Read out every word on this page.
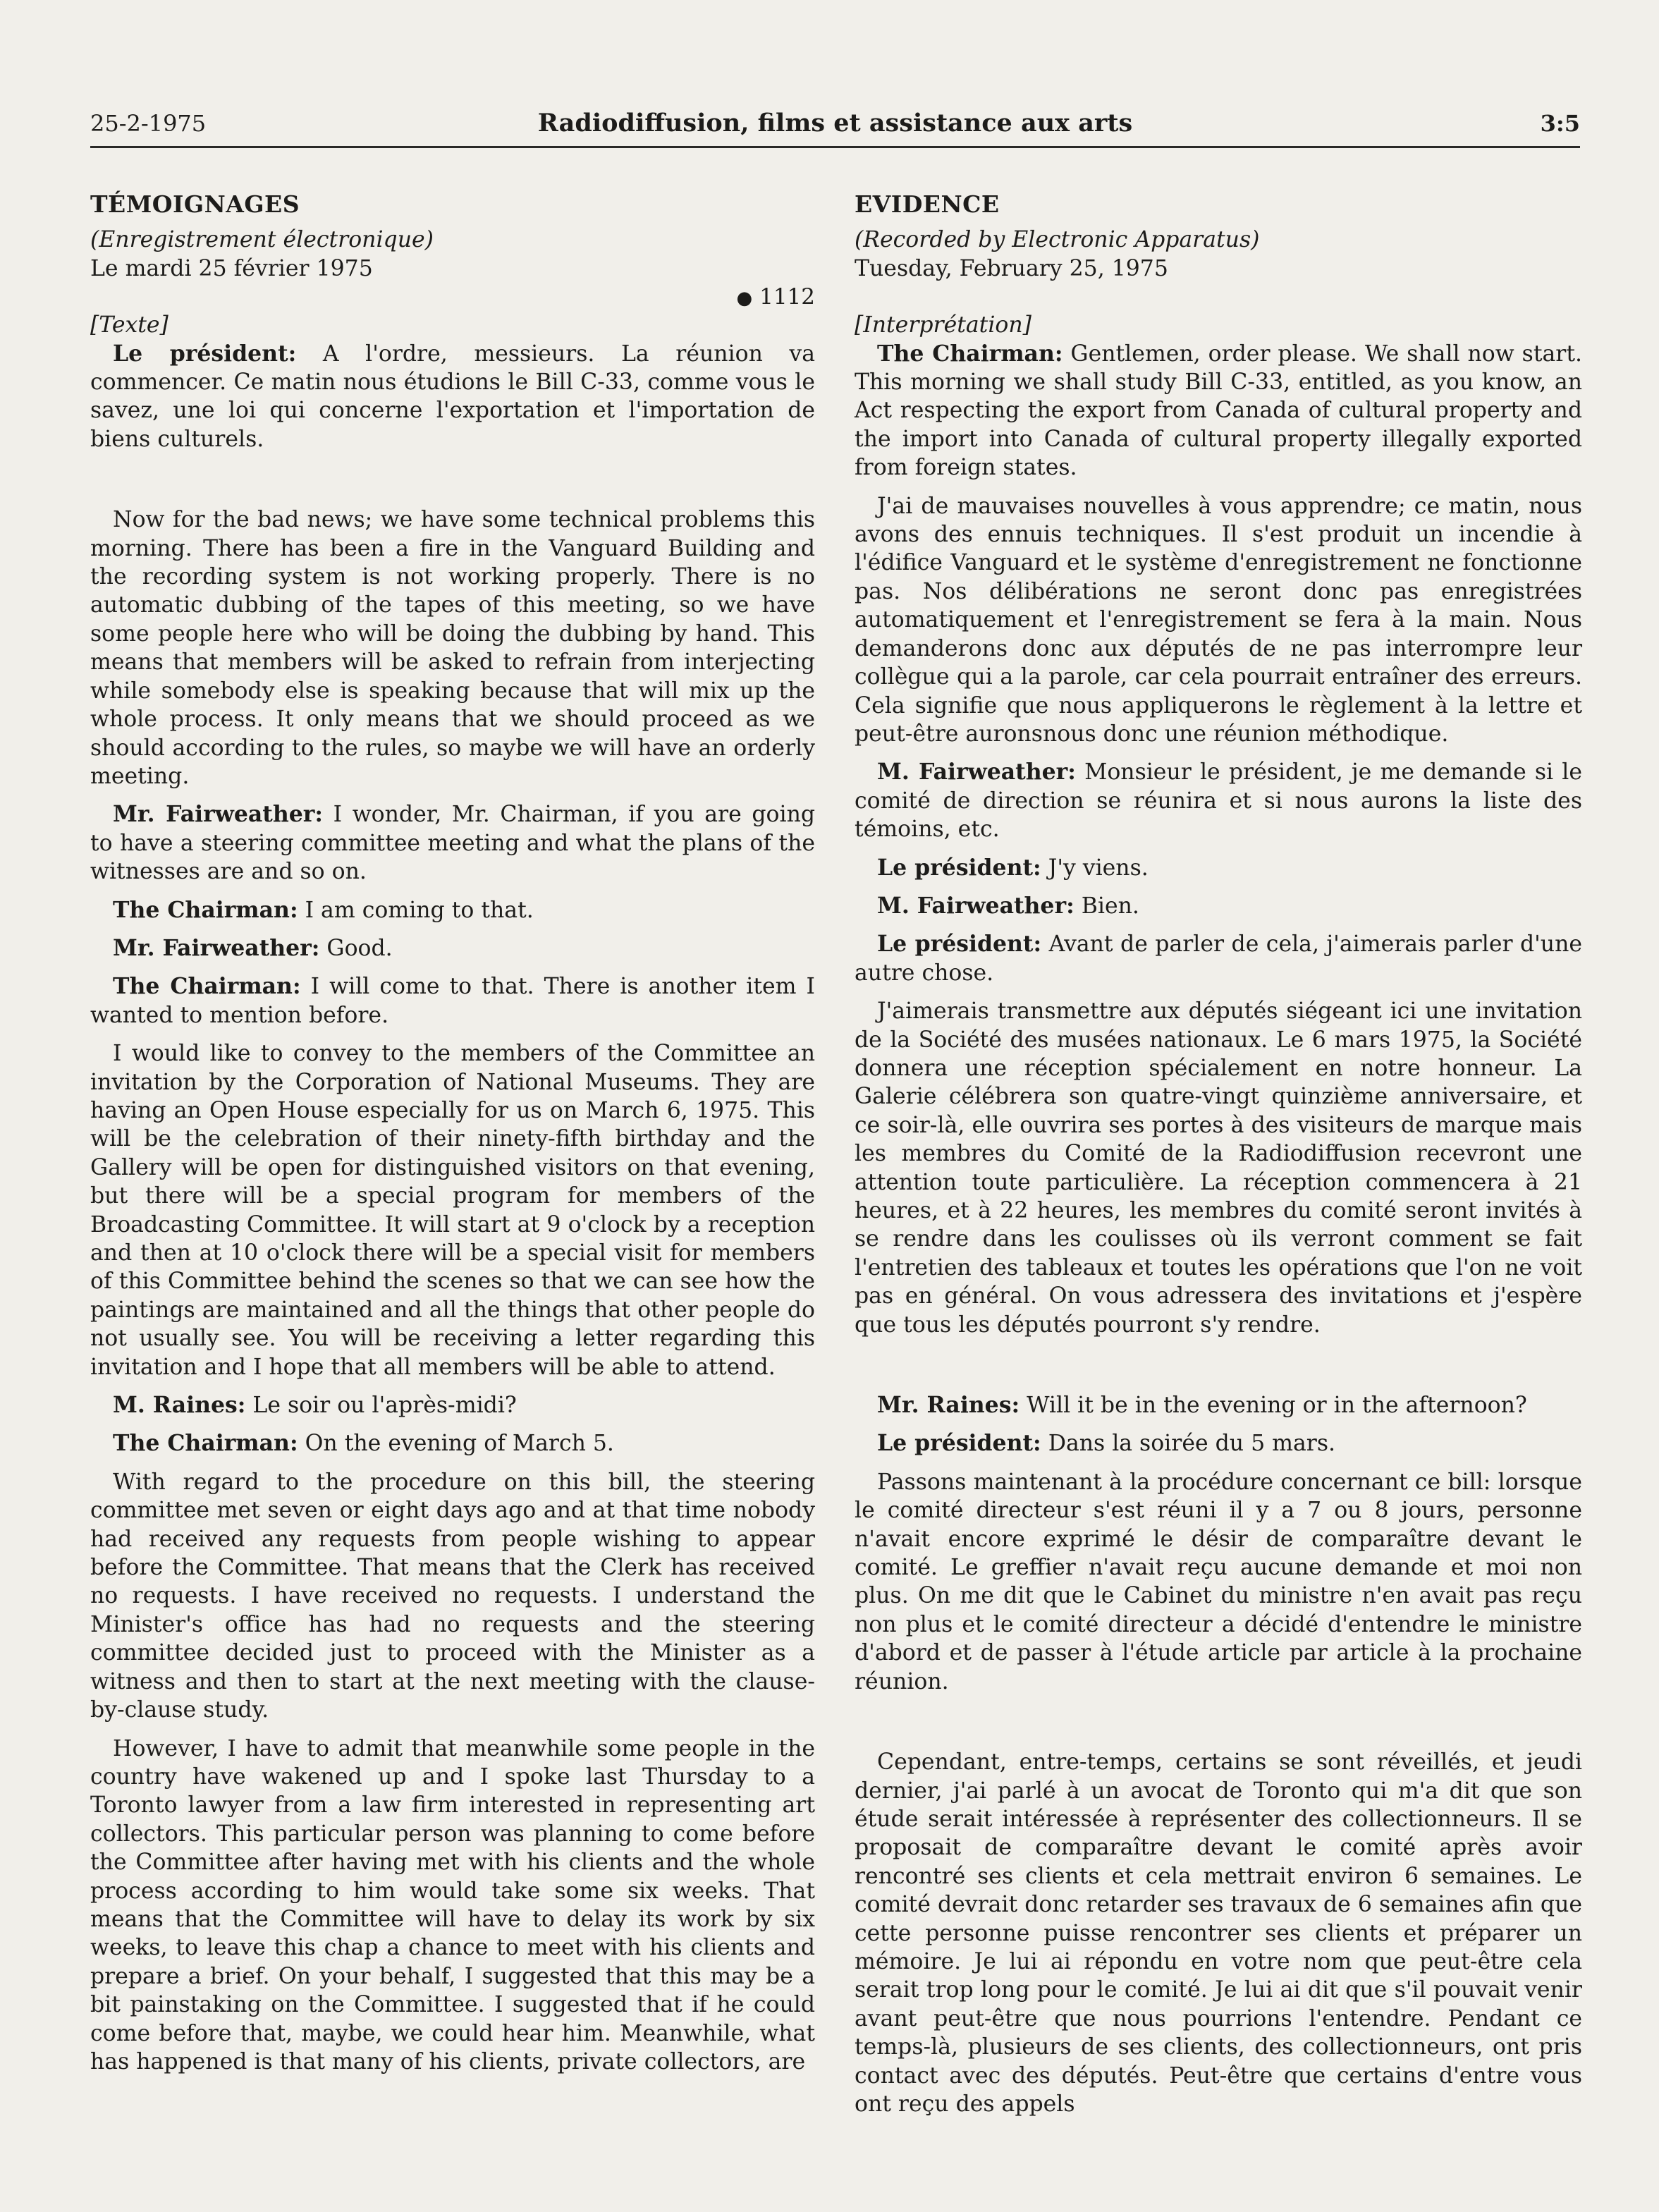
25-2-1975	Radiodiffusion, films et assistance aux arts	3:5
TÉMOIGNAGES

(Enregistrement électronique)

Le mardi 25 février 1975

● 1112

[Texte]

Le président: A l'ordre, messieurs. La réunion va commencer. Ce matin nous étudions le Bill C-33, comme vous le savez, une loi qui concerne l'exportation et l'importation de biens culturels.

Now for the bad news; we have some technical problems this morning. There has been a fire in the Vanguard Building and the recording system is not working properly. There is no automatic dubbing of the tapes of this meeting, so we have some people here who will be doing the dubbing by hand. This means that members will be asked to refrain from interjecting while somebody else is speaking because that will mix up the whole process. It only means that we should proceed as we should according to the rules, so maybe we will have an orderly meeting.

Mr. Fairweather: I wonder, Mr. Chairman, if you are going to have a steering committee meeting and what the plans of the witnesses are and so on.

The Chairman: I am coming to that.

Mr. Fairweather: Good.

The Chairman: I will come to that. There is another item I wanted to mention before.

I would like to convey to the members of the Committee an invitation by the Corporation of National Museums. They are having an Open House especially for us on March 6, 1975. This will be the celebration of their ninety-fifth birthday and the Gallery will be open for distinguished visitors on that evening, but there will be a special program for members of the Broadcasting Committee. It will start at 9 o'clock by a reception and then at 10 o'clock there will be a special visit for members of this Committee behind the scenes so that we can see how the paintings are maintained and all the things that other people do not usually see. You will be receiving a letter regarding this invitation and I hope that all members will be able to attend.

M. Raines: Le soir ou l'après-midi?

The Chairman: On the evening of March 5.

With regard to the procedure on this bill, the steering committee met seven or eight days ago and at that time nobody had received any requests from people wishing to appear before the Committee. That means that the Clerk has received no requests. I have received no requests. I understand the Minister's office has had no requests and the steering committee decided just to proceed with the Minister as a witness and then to start at the next meeting with the clause-by-clause study.

However, I have to admit that meanwhile some people in the country have wakened up and I spoke last Thursday to a Toronto lawyer from a law firm interested in representing art collectors. This particular person was planning to come before the Committee after having met with his clients and the whole process according to him would take some six weeks. That means that the Committee will have to delay its work by six weeks, to leave this chap a chance to meet with his clients and prepare a brief. On your behalf, I suggested that this may be a bit painstaking on the Committee. I suggested that if he could come before that, maybe, we could hear him. Meanwhile, what has happened is that many of his clients, private collectors, are

EVIDENCE

(Recorded by Electronic Apparatus)

Tuesday, February 25, 1975

[Interprétation]

The Chairman: Gentlemen, order please. We shall now start. This morning we shall study Bill C-33, entitled, as you know, an Act respecting the export from Canada of cultural property and the import into Canada of cultural property illegally exported from foreign states.

J'ai de mauvaises nouvelles à vous apprendre; ce matin, nous avons des ennuis techniques. Il s'est produit un incendie à l'édifice Vanguard et le système d'enregistrement ne fonctionne pas. Nos délibérations ne seront donc pas enregistrées automatiquement et l'enregistrement se fera à la main. Nous demanderons donc aux députés de ne pas interrompre leur collègue qui a la parole, car cela pourrait entraîner des erreurs. Cela signifie que nous appliquerons le règlement à la lettre et peut-être auronsnous donc une réunion méthodique.

M. Fairweather: Monsieur le président, je me demande si le comité de direction se réunira et si nous aurons la liste des témoins, etc.

Le président: J'y viens.

M. Fairweather: Bien.

Le président: Avant de parler de cela, j'aimerais parler d'une autre chose.

J'aimerais transmettre aux députés siégeant ici une invitation de la Société des musées nationaux. Le 6 mars 1975, la Société donnera une réception spécialement en notre honneur. La Galerie célébrera son quatre-vingt quinzième anniversaire, et ce soir-là, elle ouvrira ses portes à des visiteurs de marque mais les membres du Comité de la Radiodiffusion recevront une attention toute particulière. La réception commencera à 21 heures, et à 22 heures, les membres du comité seront invités à se rendre dans les coulisses où ils verront comment se fait l'entretien des tableaux et toutes les opérations que l'on ne voit pas en général. On vous adressera des invitations et j'espère que tous les députés pourront s'y rendre.

Mr. Raines: Will it be in the evening or in the afternoon?

Le président: Dans la soirée du 5 mars.

Passons maintenant à la procédure concernant ce bill: lorsque le comité directeur s'est réuni il y a 7 ou 8 jours, personne n'avait encore exprimé le désir de comparaître devant le comité. Le greffier n'avait reçu aucune demande et moi non plus. On me dit que le Cabinet du ministre n'en avait pas reçu non plus et le comité directeur a décidé d'entendre le ministre d'abord et de passer à l'étude article par article à la prochaine réunion.

Cependant, entre-temps, certains se sont réveillés, et jeudi dernier, j'ai parlé à un avocat de Toronto qui m'a dit que son étude serait intéressée à représenter des collectionneurs. Il se proposait de comparaître devant le comité après avoir rencontré ses clients et cela mettrait environ 6 semaines. Le comité devrait donc retarder ses travaux de 6 semaines afin que cette personne puisse rencontrer ses clients et préparer un mémoire. Je lui ai répondu en votre nom que peut-être cela serait trop long pour le comité. Je lui ai dit que s'il pouvait venir avant peut-être que nous pourrions l'entendre. Pendant ce temps-là, plusieurs de ses clients, des collectionneurs, ont pris contact avec des députés. Peut-être que certains d'entre vous ont reçu des appels
